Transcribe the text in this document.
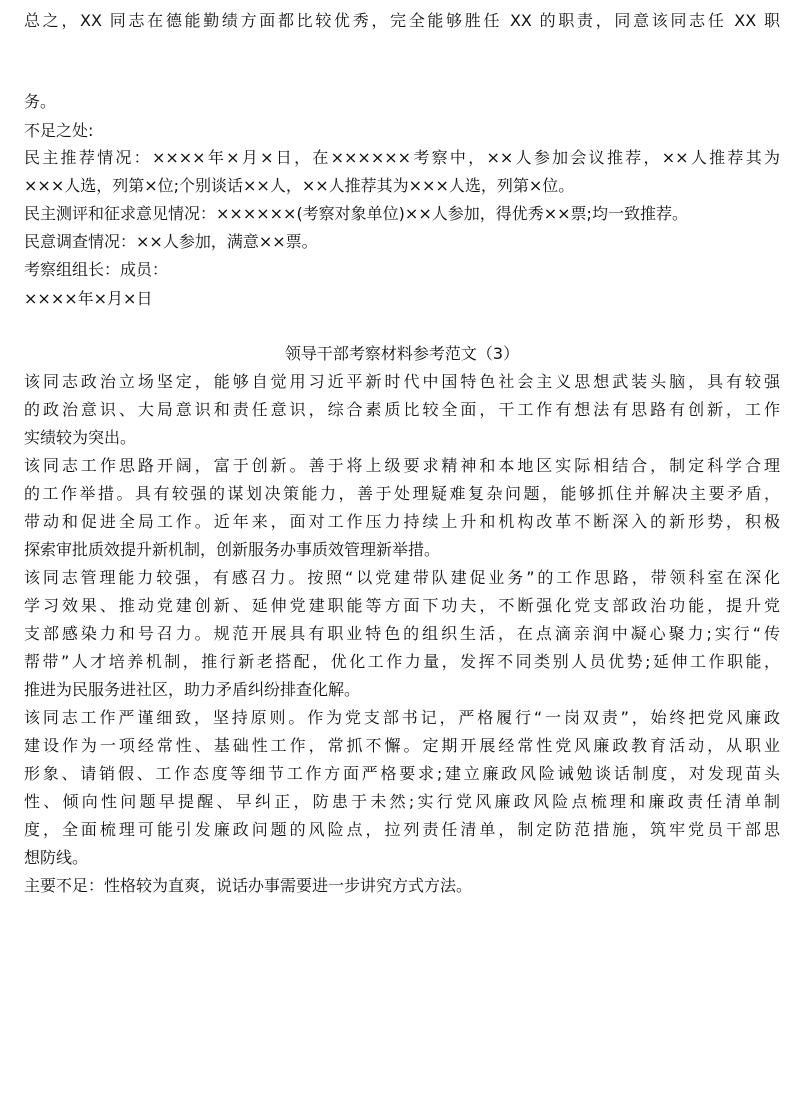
总之，XX 同志在德能勤绩方面都比较优秀，完全能够胜任 XX 的职责，同意该同志任 XX 职

务。

不足之处:

民主推荐情况：××××年×月×日，在××××××考察中，××人参加会议推荐，××人推荐其为

×××人选，列第×位;个别谈话××人，××人推荐其为×××人选，列第×位。

民主测评和征求意见情况：××××××(考察对象单位)××人参加，得优秀××票;均一致推荐。

民意调查情况：××人参加，满意××票。

考察组组长：成员：

××××年×月×日

领导干部考察材料参考范文（3）

该同志政治立场坚定，能够自觉用习近平新时代中国特色社会主义思想武装头脑，具有较强

的政治意识、大局意识和责任意识，综合素质比较全面，干工作有想法有思路有创新，工作

实绩较为突出。

该同志工作思路开阔，富于创新。善于将上级要求精神和本地区实际相结合，制定科学合理

的工作举措。具有较强的谋划决策能力，善于处理疑难复杂问题，能够抓住并解决主要矛盾，

带动和促进全局工作。近年来，面对工作压力持续上升和机构改革不断深入的新形势，积极

探索审批质效提升新机制，创新服务办事质效管理新举措。

该同志管理能力较强，有感召力。按照“以党建带队建促业务”的工作思路，带领科室在深化

学习效果、推动党建创新、延伸党建职能等方面下功夫，不断强化党支部政治功能，提升党

支部感染力和号召力。规范开展具有职业特色的组织生活，在点滴亲润中凝心聚力;实行“传

帮带”人才培养机制，推行新老搭配，优化工作力量，发挥不同类别人员优势;延伸工作职能，

推进为民服务进社区，助力矛盾纠纷排查化解。

该同志工作严谨细致，坚持原则。作为党支部书记，严格履行“一岗双责”，始终把党风廉政

建设作为一项经常性、基础性工作，常抓不懈。定期开展经常性党风廉政教育活动，从职业

形象、请销假、工作态度等细节工作方面严格要求;建立廉政风险诫勉谈话制度，对发现苗头

性、倾向性问题早提醒、早纠正，防患于未然;实行党风廉政风险点梳理和廉政责任清单制

度，全面梳理可能引发廉政问题的风险点，拉列责任清单，制定防范措施，筑牢党员干部思

想防线。

主要不足：性格较为直爽，说话办事需要进一步讲究方式方法。
